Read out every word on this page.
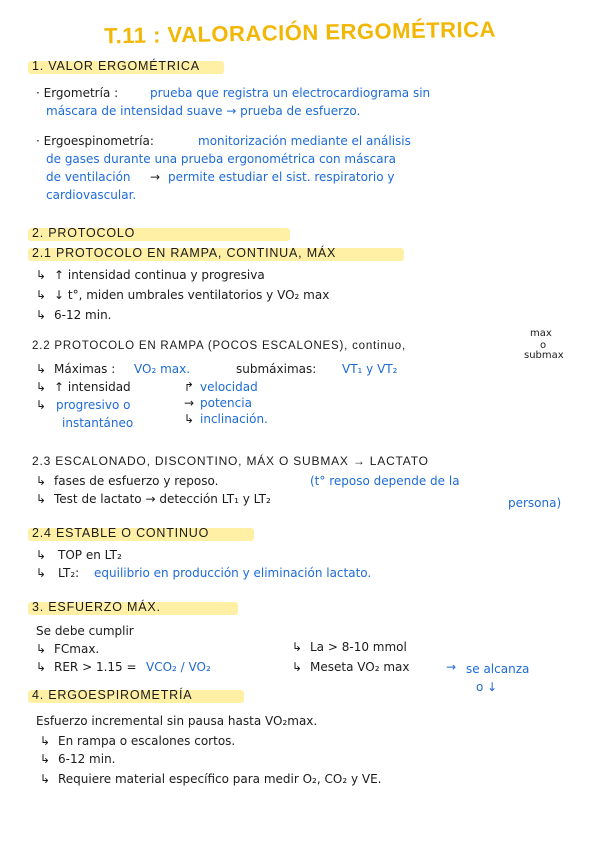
T.11 : VALORACIÓN ERGOMÉTRICA
1. VALOR ERGOMÉTRICA
· Ergometría :	prueba que registra un electrocardiograma sin
máscara de intensidad suave → prueba de esfuerzo.
· Ergoespinometría:	monitorización mediante el análisis
de gases durante una prueba ergonométrica con máscara
de ventilación → permite estudiar el sist. respiratorio y
cardiovascular.
2. PROTOCOLO
2.1 PROTOCOLO EN RAMPA, CONTINUA, MÁX
↳ ↑ intensidad continua y progresiva
↳ ↓ t°, miden umbrales ventilatorios y VO₂ max
↳ 6-12 min.
2.2 PROTOCOLO EN RAMPA (POCOS ESCALONES), continuo,
max
o
submax
↳ Máximas : VO₂ max.	submáximas: VT₁ y VT₂
↳ ↑ intensidad	↱ velocidad
→ potencia
↳ inclinación.
↳ progresivo o
instantáneo
2.3 ESCALONADO, DISCONTINO, MÁX O SUBMAX → LACTATO
↳ fases de esfuerzo y reposo.	(t° reposo depende de la
↳ Test de lactato → detección LT₁ y LT₂	persona)
2.4 ESTABLE O CONTINUO
↳ TOP en LT₂
↳ LT₂: equilibrio en producción y eliminación lactato.
3. ESFUERZO MÁX.
Se debe cumplir
↳ FCmax.
↳ RER > 1.15 = VCO₂ / VO₂
↳ La > 8-10 mmol
↳ Meseta VO₂ max	→ se alcanza
o ↓
4. ERGOESPIROMETRÍA
Esfuerzo incremental sin pausa hasta VO₂max.
↳ En rampa o escalones cortos.
↳ 6-12 min.
↳ Requiere material específico para medir O₂, CO₂ y VE.
